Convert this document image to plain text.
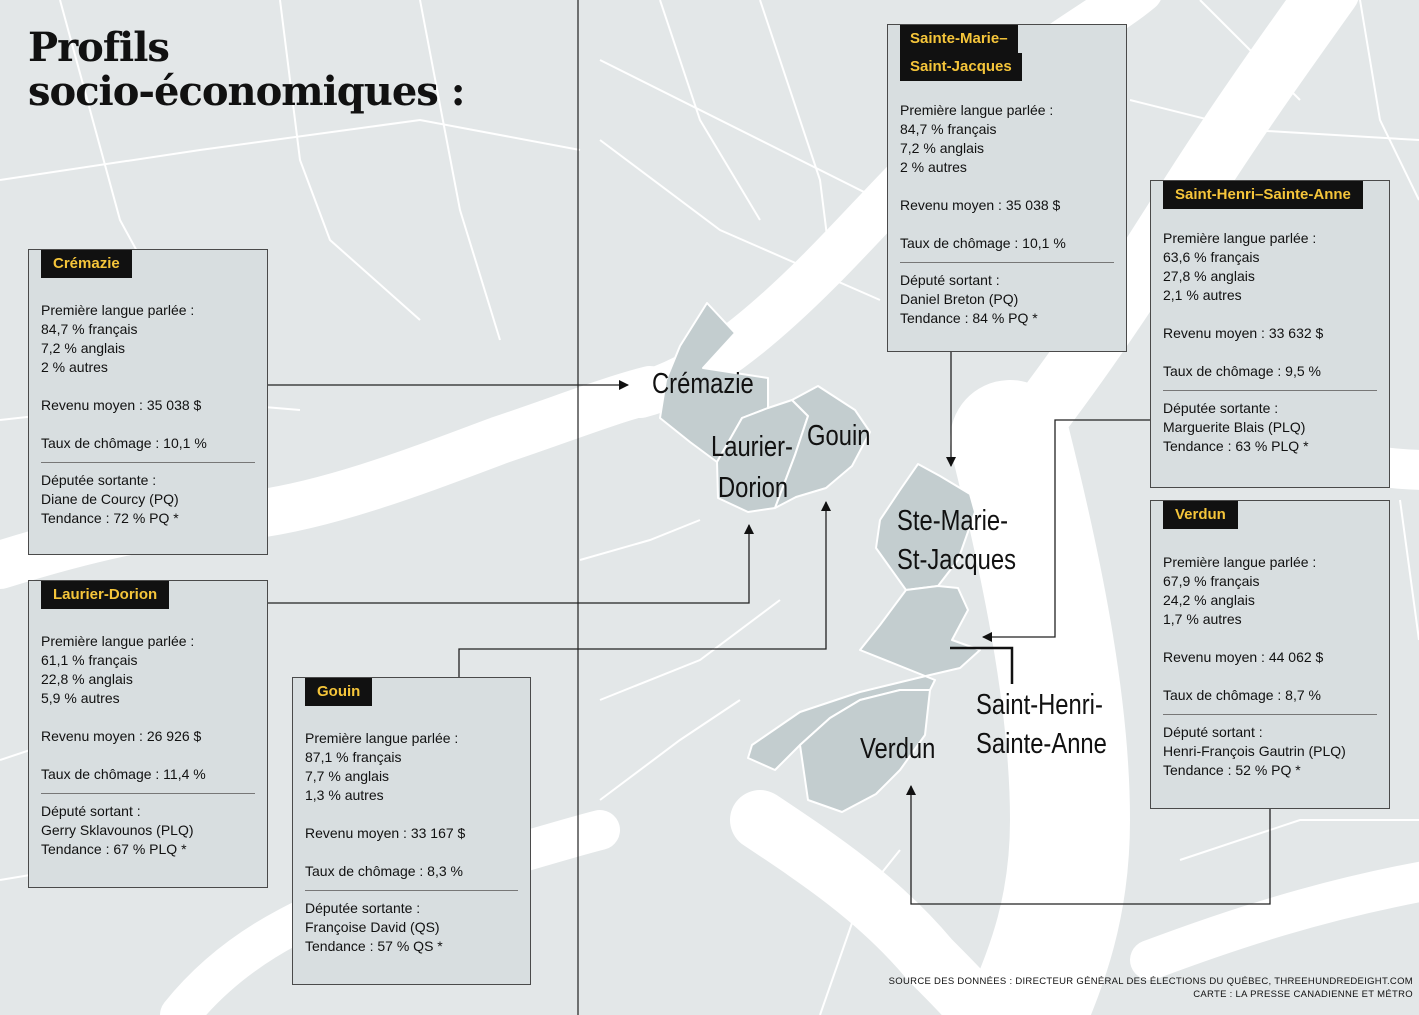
Profils
socio-économiques :
Crémazie
Laurier-
Dorion
Gouin
Ste-Marie-
St-Jacques
Saint-Henri-
Sainte-Anne
Verdun
Crémazie

Première langue parlée :

84,7 % français

7,2 % anglais

2 % autres

Revenu moyen : 35 038 $

Taux de chômage : 10,1 %

Députée sortante :

Diane de Courcy (PQ)

Tendance : 72 % PQ *

Laurier-Dorion

Première langue parlée :

61,1 % français

22,8 % anglais

5,9 % autres

Revenu moyen : 26 926 $

Taux de chômage : 11,4 %

Député sortant :

Gerry Sklavounos (PLQ)

Tendance : 67 % PLQ *

Gouin

Première langue parlée :

87,1 % français

7,7 % anglais

1,3 % autres

Revenu moyen : 33 167 $

Taux de chômage : 8,3 %

Députée sortante :

Françoise David (QS)

Tendance : 57 % QS *

Sainte-Marie–
Saint-Jacques

Première langue parlée :

84,7 % français

7,2 % anglais

2 % autres

Revenu moyen : 35 038 $

Taux de chômage : 10,1 %

Député sortant :

Daniel Breton (PQ)

Tendance : 84 % PQ *

Saint-Henri–Sainte-Anne

Première langue parlée :

63,6 % français

27,8 % anglais

2,1 % autres

Revenu moyen : 33 632 $

Taux de chômage : 9,5 %

Députée sortante :

Marguerite Blais (PLQ)

Tendance : 63 % PLQ *

Verdun

Première langue parlée :

67,9 % français

24,2 % anglais

1,7 % autres

Revenu moyen : 44 062 $

Taux de chômage : 8,7 %

Député sortant :

Henri-François Gautrin (PLQ)

Tendance : 52 % PQ *

SOURCE DES DONNÉES : DIRECTEUR GÉNÉRAL DES ÉLECTIONS DU QUÉBEC, THREEHUNDREDEIGHT.COM

CARTE : LA PRESSE CANADIENNE ET MÉTRO
